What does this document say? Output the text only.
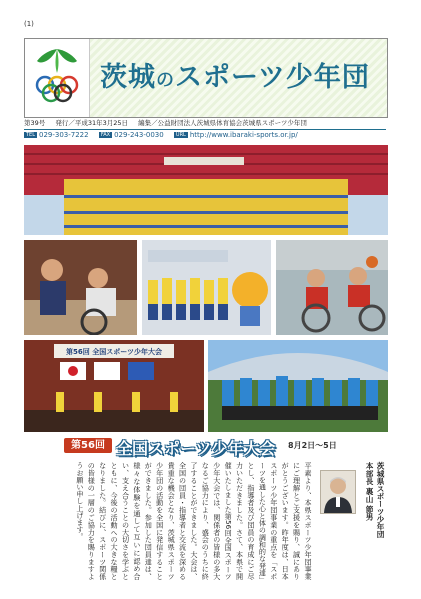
(1)
茨城のスポーツ少年団
第39号 発行／平成31年3月25日 編集／公益財団法人茨城県体育協会茨城県スポーツ少年団
TEL 029-303-7222 FAX 029-243-0030 URL http://www.ibaraki-sports.or.jp/
第56回 全国スポーツ少年大会
第56回 全国スポーツ少年大会 8月2日～5日
平素より、本県スポーツ少年団事業にご理解とご支援を賜り、誠にありがとうございます。昨年度は、日本スポーツ少年団事業の重点を「スポーツを通した心と体の調和的な発達」とし、指導者及び団員の育成にご尽力いただきました。さて、本県で開催いたしました第56回全国スポーツ少年大会では、関係者の皆様の多大なるご協力により、盛会のうちに終了することができました。大会は、全国の団員・指導者と交流を深める貴重な機会となり、茨城県スポーツ少年団の活動を全国に発信することができました。参加した団員達は、様々な体験を通して互いに認め合い、支え合うことの大切さを学ぶとともに、今後の活動への大きな糧となりました。結びに、スポーツ関係の皆様の一層のご協力を賜りますようお願い申し上げます。	茨城県スポーツ少年団
本部長 裏山 節男
